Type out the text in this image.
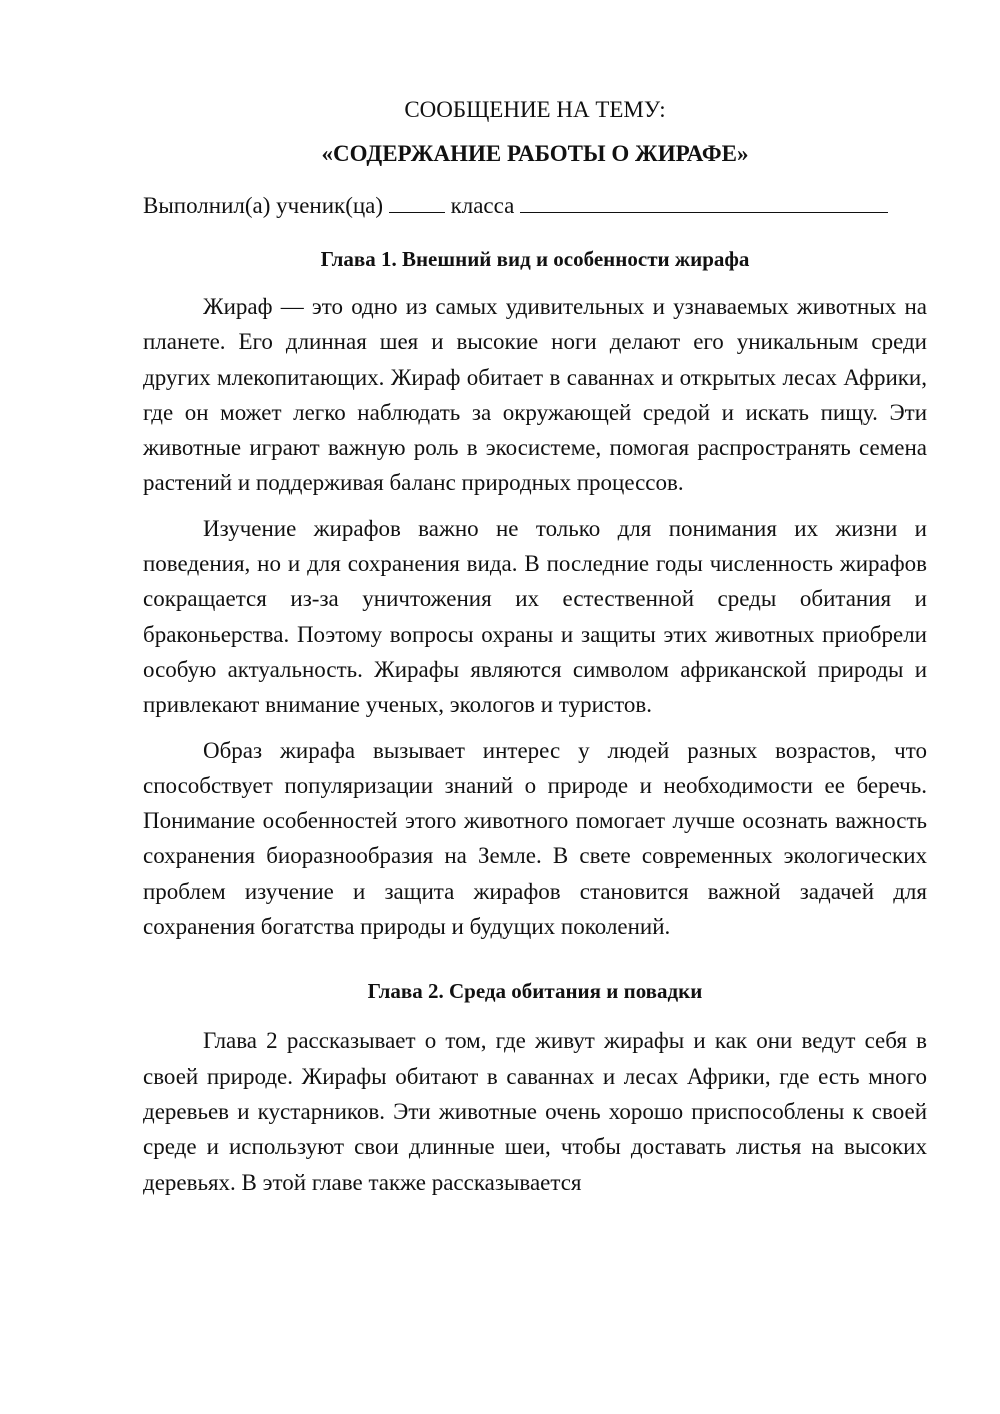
СООБЩЕНИЕ НА ТЕМУ:

«СОДЕРЖАНИЕ РАБОТЫ О ЖИРАФЕ»

Выполнил(а) ученик(ца)  класса

Глава 1. Внешний вид и особенности жирафа

Жираф — это одно из самых удивительных и узнаваемых животных на планете. Его длинная шея и высокие ноги делают его уникальным среди других млекопитающих. Жираф обитает в саваннах и открытых лесах Африки, где он может легко наблюдать за окружающей средой и искать пищу. Эти животные играют важную роль в экосистеме, помогая распространять семена растений и поддерживая баланс природных процессов.

Изучение жирафов важно не только для понимания их жизни и поведения, но и для сохранения вида. В последние годы численность жирафов сокращается из-за уничтожения их естественной среды обитания и браконьерства. Поэтому вопросы охраны и защиты этих животных приобрели особую актуальность. Жирафы являются символом африканской природы и привлекают внимание ученых, экологов и туристов.

Образ жирафа вызывает интерес у людей разных возрастов, что способствует популяризации знаний о природе и необходимости ее беречь. Понимание особенностей этого животного помогает лучше осознать важность сохранения биоразнообразия на Земле. В свете современных экологических проблем изучение и защита жирафов становится важной задачей для сохранения богатства природы и будущих поколений.

Глава 2. Среда обитания и повадки

Глава 2 рассказывает о том, где живут жирафы и как они ведут себя в своей природе. Жирафы обитают в саваннах и лесах Африки, где есть много деревьев и кустарников. Эти животные очень хорошо приспособлены к своей среде и используют свои длинные шеи, чтобы доставать листья на высоких деревьях. В этой главе также рассказывается
